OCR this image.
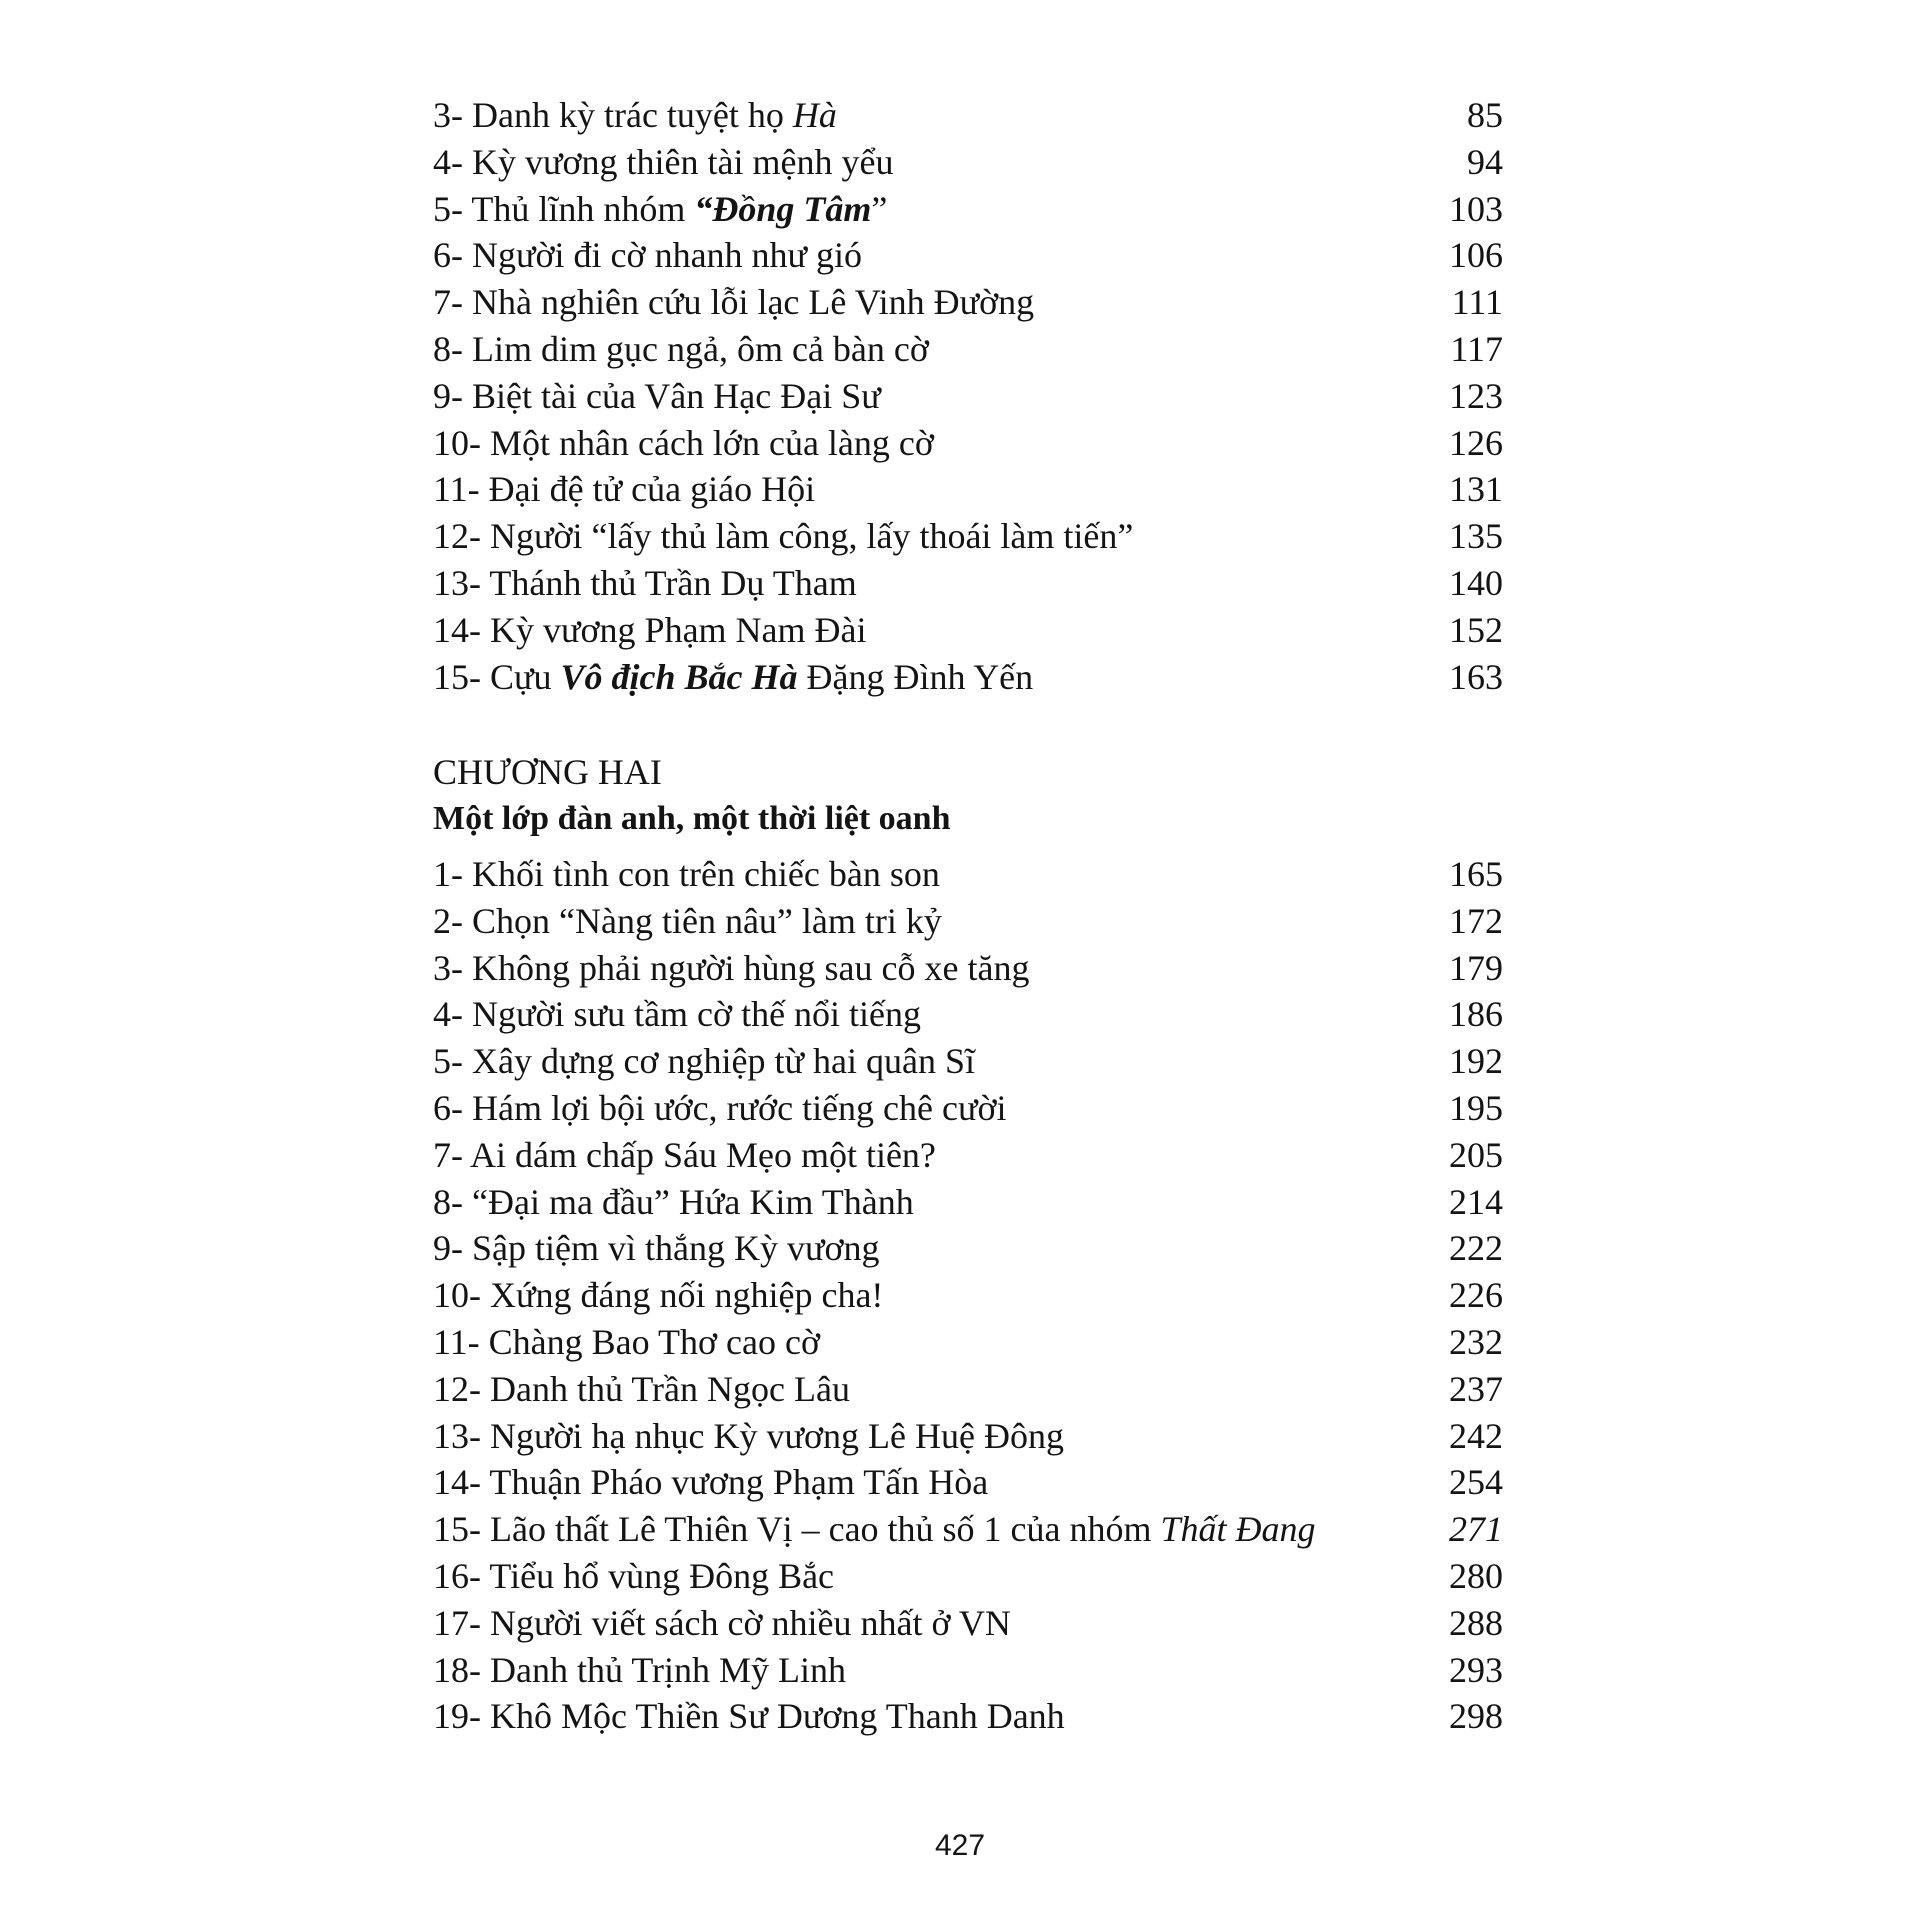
3- Danh kỳ trác tuyệt họ Hà	85
4- Kỳ vương thiên tài mệnh yểu	94
5- Thủ lĩnh nhóm “Đồng Tâm”	103
6- Người đi cờ nhanh như gió	106
7- Nhà nghiên cứu lỗi lạc Lê Vinh Đường	111
8- Lim dim gục ngả, ôm cả bàn cờ	117
9- Biệt tài của Vân Hạc Đại Sư	123
10- Một nhân cách lớn của làng cờ	126
11- Đại đệ tử của giáo Hội	131
12- Người “lấy thủ làm công, lấy thoái làm tiến”	135
13- Thánh thủ Trần Dụ Tham	140
14- Kỳ vương Phạm Nam Đài	152
15- Cựu Vô địch Bắc Hà Đặng Đình Yến	163
CHƯƠNG HAI
Một lớp đàn anh, một thời liệt oanh
1- Khối tình con trên chiếc bàn son	165
2- Chọn “Nàng tiên nâu” làm tri kỷ	172
3- Không phải người hùng sau cỗ xe tăng	179
4- Người sưu tầm cờ thế nổi tiếng	186
5- Xây dựng cơ nghiệp từ hai quân Sĩ	192
6- Hám lợi bội ước, rước tiếng chê cười	195
7- Ai dám chấp Sáu Mẹo một tiên?	205
8- “Đại ma đầu” Hứa Kim Thành	214
9- Sập tiệm vì thắng Kỳ vương	222
10- Xứng đáng nối nghiệp cha!	226
11- Chàng Bao Thơ cao cờ	232
12- Danh thủ Trần Ngọc Lâu	237
13- Người hạ nhục Kỳ vương Lê Huệ Đông	242
14- Thuận Pháo vương Phạm Tấn Hòa	254
15- Lão thất Lê Thiên Vị – cao thủ số 1 của nhóm Thất Đang	271
16- Tiểu hổ vùng Đông Bắc	280
17- Người viết sách cờ nhiều nhất ở VN	288
18- Danh thủ Trịnh Mỹ Linh	293
19- Khô Mộc Thiền Sư Dương Thanh Danh	298
427
